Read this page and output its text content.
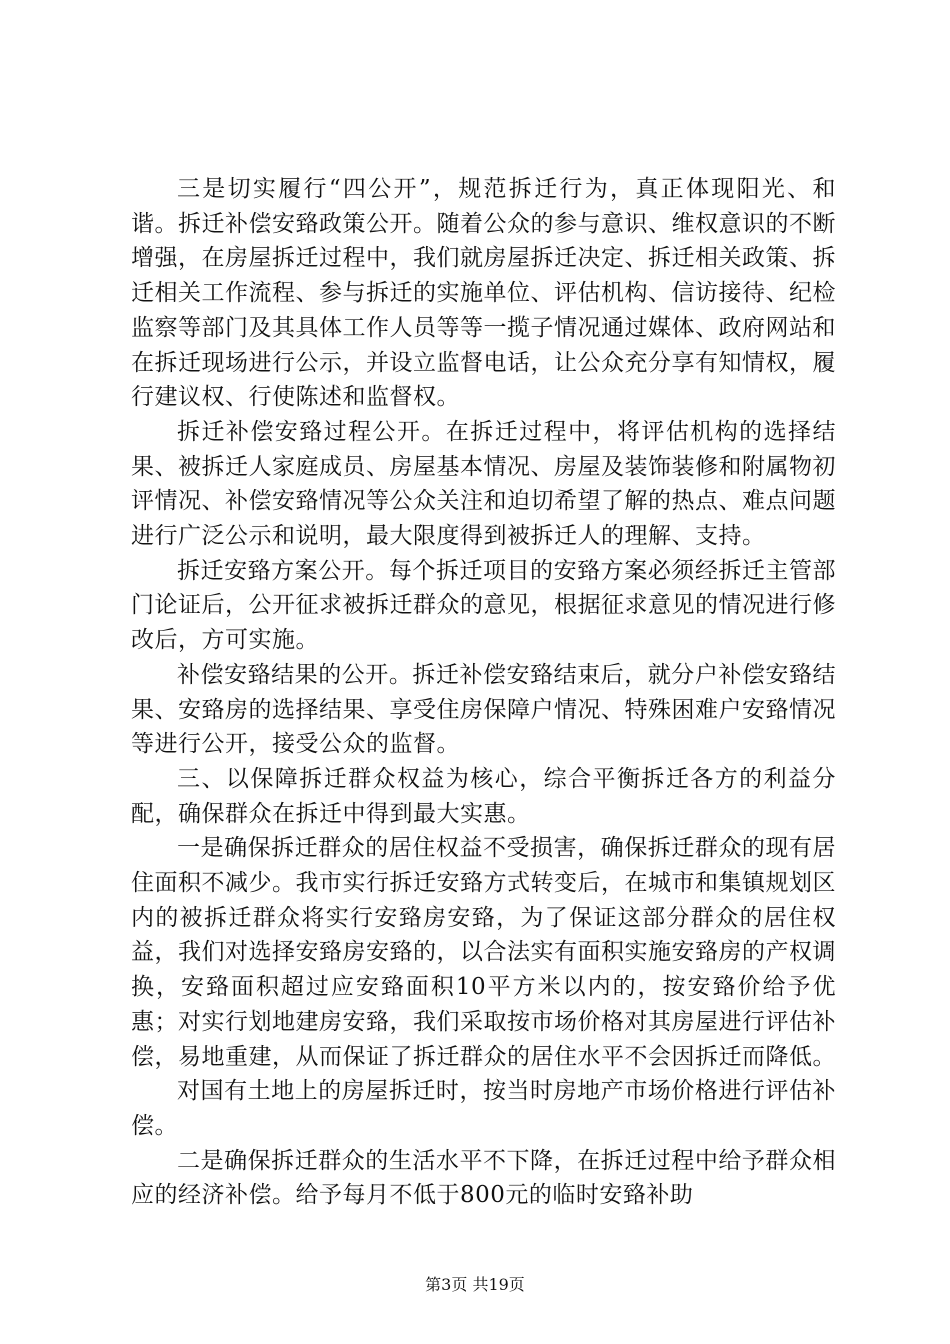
三是切实履行“四公开”，规范拆迁行为，真正体现阳光、和谐。拆迁补偿安臵政策公开。随着公众的参与意识、维权意识的不断增强，在房屋拆迁过程中，我们就房屋拆迁决定、拆迁相关政策、拆迁相关工作流程、参与拆迁的实施单位、评估机构、信访接待、纪检监察等部门及其具体工作人员等等一揽子情况通过媒体、政府网站和在拆迁现场进行公示，并设立监督电话，让公众充分享有知情权，履行建议权、行使陈述和监督权。

拆迁补偿安臵过程公开。在拆迁过程中，将评估机构的选择结果、被拆迁人家庭成员、房屋基本情况、房屋及装饰装修和附属物初评情况、补偿安臵情况等公众关注和迫切希望了解的热点、难点问题进行广泛公示和说明，最大限度得到被拆迁人的理解、支持。

拆迁安臵方案公开。每个拆迁项目的安臵方案必须经拆迁主管部门论证后，公开征求被拆迁群众的意见，根据征求意见的情况进行修改后，方可实施。

补偿安臵结果的公开。拆迁补偿安臵结束后，就分户补偿安臵结果、安臵房的选择结果、享受住房保障户情况、特殊困难户安臵情况等进行公开，接受公众的监督。

三、以保障拆迁群众权益为核心，综合平衡拆迁各方的利益分配，确保群众在拆迁中得到最大实惠。

一是确保拆迁群众的居住权益不受损害，确保拆迁群众的现有居住面积不减少。我市实行拆迁安臵方式转变后，在城市和集镇规划区内的被拆迁群众将实行安臵房安臵，为了保证这部分群众的居住权益，我们对选择安臵房安臵的，以合法实有面积实施安臵房的产权调换，安臵面积超过应安臵面积10平方米以内的，按安臵价给予优惠；对实行划地建房安臵，我们采取按市场价格对其房屋进行评估补偿，易地重建，从而保证了拆迁群众的居住水平不会因拆迁而降低。

对国有土地上的房屋拆迁时，按当时房地产市场价格进行评估补偿。

二是确保拆迁群众的生活水平不下降，在拆迁过程中给予群众相应的经济补偿。给予每月不低于800元的临时安臵补助

第3页 共19页
